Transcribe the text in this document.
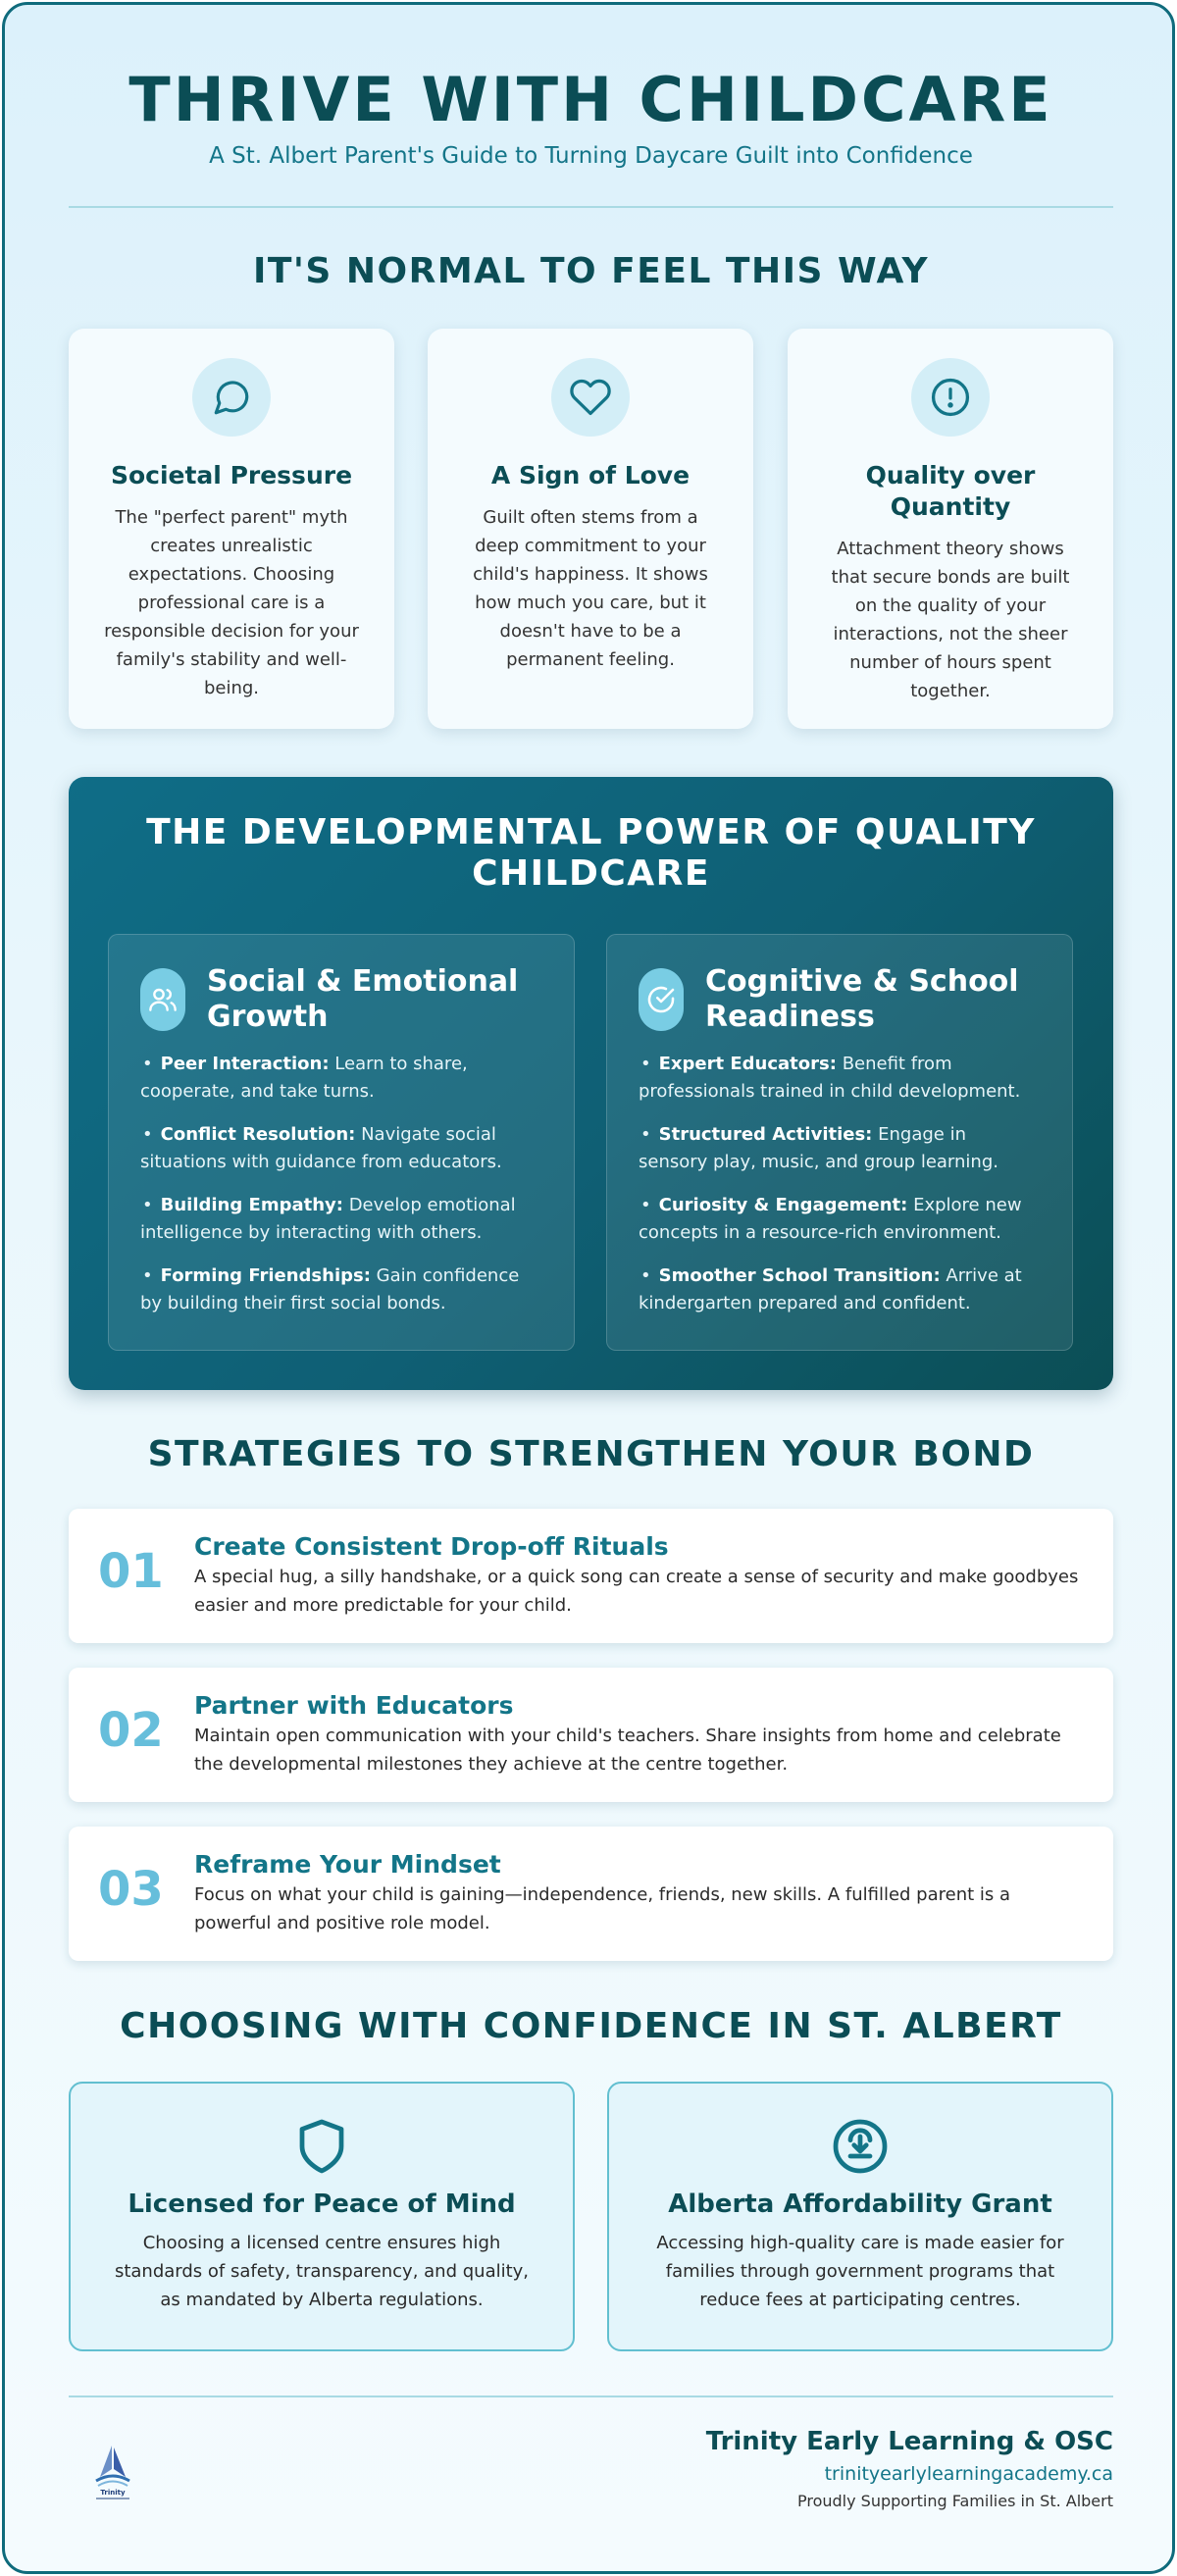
THRIVE WITH CHILDCARE
A St. Albert Parent's Guide to Turning Daycare Guilt into Confidence
IT'S NORMAL TO FEEL THIS WAY
Societal Pressure
The "perfect parent" myth creates unrealistic expectations. Choosing professional care is a responsible decision for your family's stability and well-being.
A Sign of Love
Guilt often stems from a deep commitment to your child's happiness. It shows how much you care, but it doesn't have to be a permanent feeling.
Quality over Quantity
Attachment theory shows that secure bonds are built on the quality of your interactions, not the sheer number of hours spent together.
THE DEVELOPMENTAL POWER OF QUALITY CHILDCARE
Social & Emotional Growth
• Peer Interaction: Learn to share, cooperate, and take turns.
• Conflict Resolution: Navigate social situations with guidance from educators.
• Building Empathy: Develop emotional intelligence by interacting with others.
• Forming Friendships: Gain confidence by building their first social bonds.
Cognitive & School Readiness
• Expert Educators: Benefit from professionals trained in child development.
• Structured Activities: Engage in sensory play, music, and group learning.
• Curiosity & Engagement: Explore new concepts in a resource-rich environment.
• Smoother School Transition: Arrive at kindergarten prepared and confident.
STRATEGIES TO STRENGTHEN YOUR BOND
01	Create Consistent Drop-off Rituals
A special hug, a silly handshake, or a quick song can create a sense of security and make goodbyes easier and more predictable for your child.
02	Partner with Educators
Maintain open communication with your child's teachers. Share insights from home and celebrate the developmental milestones they achieve at the centre together.
03	Reframe Your Mindset
Focus on what your child is gaining—independence, friends, new skills. A fulfilled parent is a powerful and positive role model.
CHOOSING WITH CONFIDENCE IN ST. ALBERT
Licensed for Peace of Mind
Choosing a licensed centre ensures high standards of safety, transparency, and quality, as mandated by Alberta regulations.
Alberta Affordability Grant
Accessing high-quality care is made easier for families through government programs that reduce fees at participating centres.
Trinity
Trinity Early Learning & OSC
trinityearlylearningacademy.ca
Proudly Supporting Families in St. Albert
